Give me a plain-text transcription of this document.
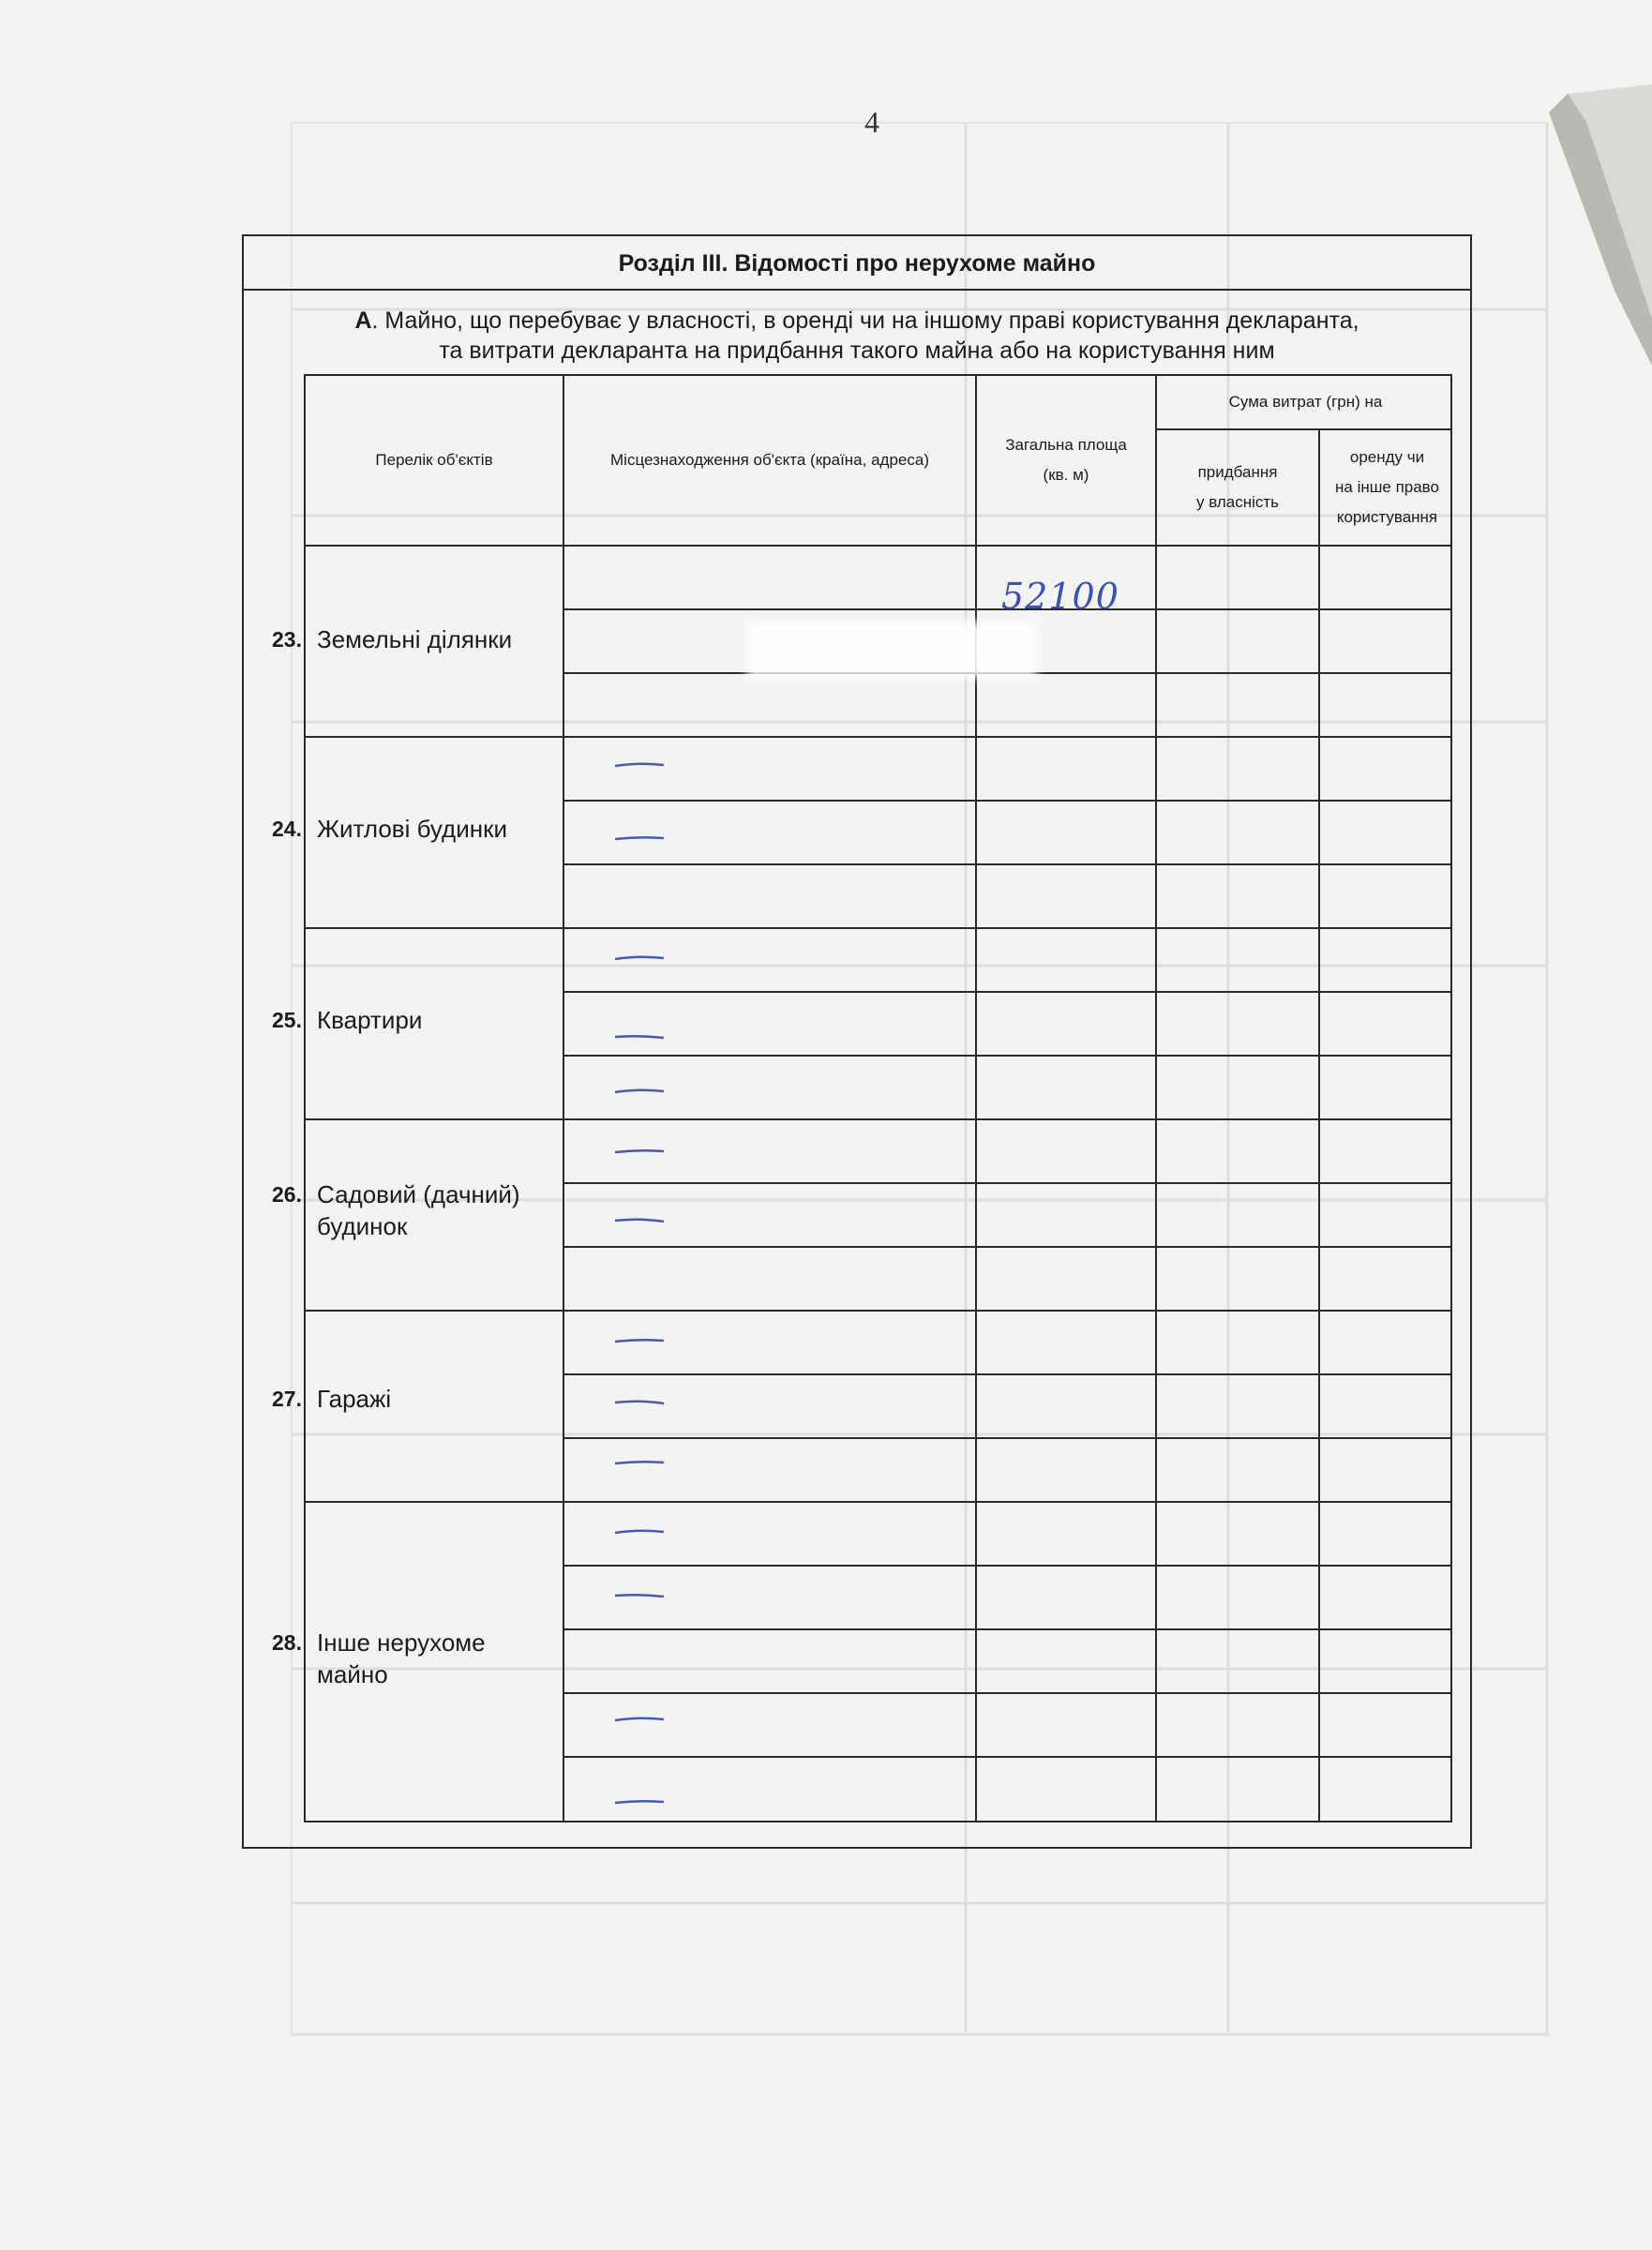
4
Розділ III. Відомості про нерухоме майно
А. Майно, що перебуває у власності, в оренді чи на іншому праві користування декларанта,
та витрати декларанта на придбання такого майна або на користування ним
Перелік об'єктів	Місцезнаходження об'єкта (країна, адреса)
Загальна площа
(кв. м)
Сума витрат (грн) на
придбання
у власність
оренду чи
на інше право
користування
23. Земельні ділянки
24. Житлові будинки
25. Квартири
26. Садовий (дачний)
будинок
27. Гаражі
28. Інше нерухоме
майно
52100
